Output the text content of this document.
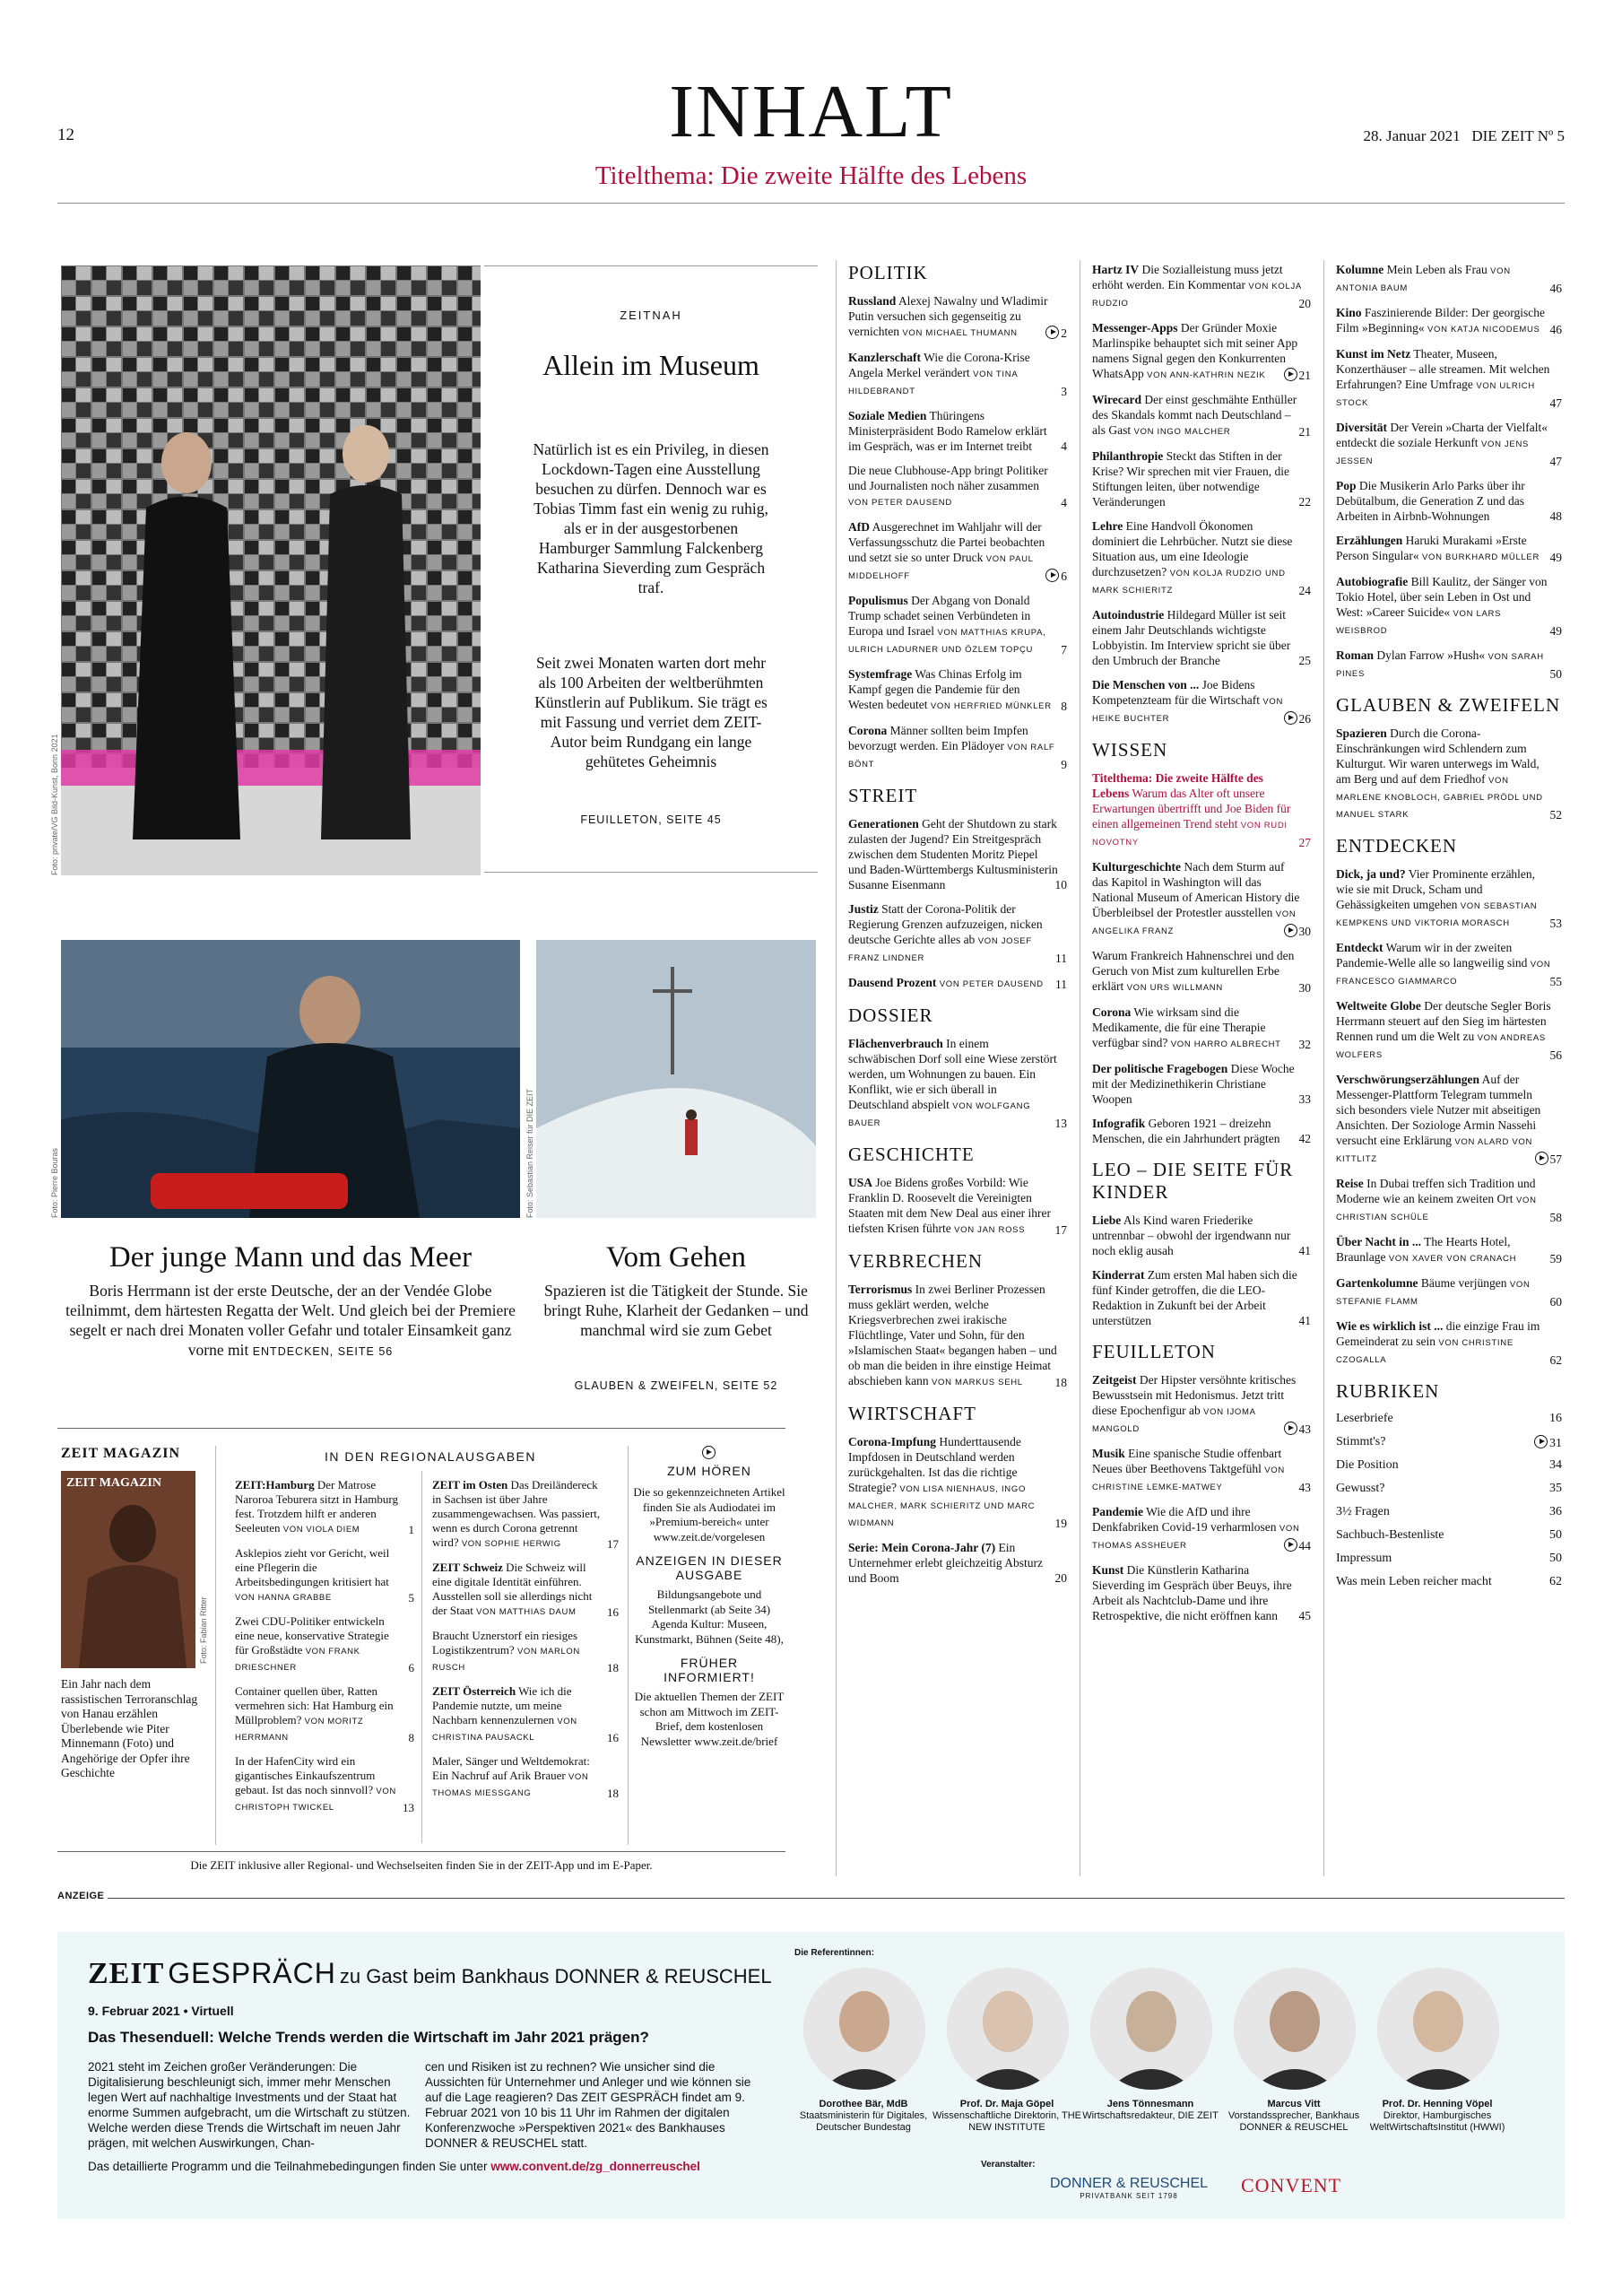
12	INHALT	28. Januar 2021   DIE ZEIT Nº 5
Titelthema: Die zweite Hälfte des Lebens
Foto: private/VG Bild-Kunst, Bonn 2021
ZEITNAH
Allein im Museum
Natürlich ist es ein Privileg, in diesen Lockdown-Tagen eine Ausstellung besuchen zu dürfen. Dennoch war es Tobias Timm fast ein wenig zu ruhig, als er in der ausgestorbenen Hamburger Sammlung Falckenberg Katharina Sieverding zum Gespräch traf.
Seit zwei Monaten warten dort mehr als 100 Arbeiten der weltberühmten Künstlerin auf Publikum. Sie trägt es mit Fassung und verriet dem ZEIT-Autor beim Rundgang ein lange gehütetes Geheimnis
FEUILLETON, SEITE 45
Foto: Pierre Bouras	Foto: Sebastian Reiser für DIE ZEIT
Der junge Mann und das Meer
Boris Herrmann ist der erste Deutsche, der an der Vendée Globe teilnimmt, dem härtesten Regatta der Welt. Und gleich bei der Premiere segelt er nach drei Monaten voller Gefahr und totaler Einsamkeit ganz vorne mit ENTDECKEN, SEITE 56
Vom Gehen
Spazieren ist die Tätigkeit der Stunde. Sie bringt Ruhe, Klarheit der Gedanken – und manchmal wird sie zum Gebet
GLAUBEN & ZWEIFELN, SEITE 52
ZEIT MAGAZIN
ZEIT MAGAZIN
Foto: Fabian Ritter
Ein Jahr nach dem rassistischen Terroranschlag von Hanau erzählen Überlebende wie Piter Minnemann (Foto) und Angehörige der Opfer ihre Geschichte
IN DEN REGIONALAUSGABEN
ZEIT:Hamburg Der Matrose Naroroa Teburera sitzt in Hamburg fest. Trotzdem hilft er anderen Seeleuten VON VIOLA DIEM	1
Asklepios zieht vor Gericht, weil eine Pflegerin die Arbeitsbedingungen kritisiert hat VON HANNA GRABBE	5
Zwei CDU-Politiker entwickeln eine neue, konservative Strategie für Großstädte VON FRANK DRIESCHNER	6
Container quellen über, Ratten vermehren sich: Hat Hamburg ein Müllproblem? VON MORITZ HERRMANN	8
In der HafenCity wird ein gigantisches Einkaufszentrum gebaut. Ist das noch sinnvoll? VON CHRISTOPH TWICKEL	13
ZEIT im Osten Das Dreiländereck in Sachsen ist über Jahre zusammengewachsen. Was passiert, wenn es durch Corona getrennt wird? VON SOPHIE HERWIG	17
ZEIT Schweiz Die Schweiz will eine digitale Identität einführen. Ausstellen soll sie allerdings nicht der Staat VON MATTHIAS DAUM	16
Braucht Uznerstorf ein riesiges Logistikzentrum? VON MARLON RUSCH	18
ZEIT Österreich Wie ich die Pandemie nutzte, um meine Nachbarn kennenzulernen VON CHRISTINA PAUSACKL	16
Maler, Sänger und Weltdemokrat: Ein Nachruf auf Arik Brauer VON THOMAS MIESSGANG	18
ZUM HÖREN
Die so gekennzeichneten Artikel finden Sie als Audiodatei im »Premium-bereich« unter www.zeit.de/vorgelesen
ANZEIGEN IN DIESER AUSGABE
Bildungsangebote und Stellenmarkt (ab Seite 34) Agenda Kultur: Museen, Kunstmarkt, Bühnen (Seite 48),
FRÜHER INFORMIERT!
Die aktuellen Themen der ZEIT schon am Mittwoch im ZEIT-Brief, dem kostenlosen Newsletter www.zeit.de/brief
Die ZEIT inklusive aller Regional- und Wechselseiten finden Sie in der ZEIT-App und im E-Paper.
POLITIK
Russland Alexej Nawalny und Wladimir Putin versuchen sich gegenseitig zu vernichten VON MICHAEL THUMANN	2
Kanzlerschaft Wie die Corona-Krise Angela Merkel verändert VON TINA HILDEBRANDT	3
Soziale Medien Thüringens Ministerpräsident Bodo Ramelow erklärt im Gespräch, was er im Internet treibt 4
Die neue Clubhouse-App bringt Politiker und Journalisten noch näher zusammen VON PETER DAUSEND	4
AfD Ausgerechnet im Wahljahr will der Verfassungsschutz die Partei beobachten und setzt sie so unter Druck VON PAUL MIDDELHOFF	6
Populismus Der Abgang von Donald Trump schadet seinen Verbündeten in Europa und Israel VON MATTHIAS KRUPA, ULRICH LADURNER UND ÖZLEM TOPÇU 7
Systemfrage Was Chinas Erfolg im Kampf gegen die Pandemie für den Westen bedeutet VON HERFRIED MÜNKLER 8
Corona Männer sollten beim Impfen bevorzugt werden. Ein Plädoyer VON RALF BÖNT	9
STREIT
Generationen Geht der Shutdown zu stark zulasten der Jugend? Ein Streitgespräch zwischen dem Studenten Moritz Piepel und Baden-Württembergs Kultusministerin Susanne Eisenmann	10
Justiz Statt der Corona-Politik der Regierung Grenzen aufzuzeigen, nicken deutsche Gerichte alles ab VON JOSEF FRANZ LINDNER	11
Dausend Prozent VON PETER DAUSEND 11
DOSSIER
Flächenverbrauch In einem schwäbischen Dorf soll eine Wiese zerstört werden, um Wohnungen zu bauen. Ein Konflikt, wie er sich überall in Deutschland abspielt VON WOLFGANG BAUER	13
GESCHICHTE
USA Joe Bidens großes Vorbild: Wie Franklin D. Roosevelt die Vereinigten Staaten mit dem New Deal aus einer ihrer tiefsten Krisen führte VON JAN ROSS 17
VERBRECHEN
Terrorismus In zwei Berliner Prozessen muss geklärt werden, welche Kriegsverbrechen zwei irakische Flüchtlinge, Vater und Sohn, für den »Islamischen Staat« begangen haben – und ob man die beiden in ihre einstige Heimat abschieben kann VON MARKUS SEHL	18
WIRTSCHAFT
Corona-Impfung Hunderttausende Impfdosen in Deutschland werden zurückgehalten. Ist das die richtige Strategie? VON LISA NIENHAUS, INGO MALCHER, MARK SCHIERITZ UND MARC WIDMANN	19
Serie: Mein Corona-Jahr (7) Ein Unternehmer erlebt gleichzeitig Absturz und Boom	20
Hartz IV Die Sozialleistung muss jetzt erhöht werden. Ein Kommentar VON KOLJA RUDZIO	20
Messenger-Apps Der Gründer Moxie Marlinspike behauptet sich mit seiner App namens Signal gegen den Konkurrenten WhatsApp VON ANN-KATHRIN NEZIK	21
Wirecard Der einst geschmähte Enthüller des Skandals kommt nach Deutschland – als Gast VON INGO MALCHER	21
Philanthropie Steckt das Stiften in der Krise? Wir sprechen mit vier Frauen, die Stiftungen leiten, über notwendige Veränderungen	22
Lehre Eine Handvoll Ökonomen dominiert die Lehrbücher. Nutzt sie diese Situation aus, um eine Ideologie durchzusetzen? VON KOLJA RUDZIO UND MARK SCHIERITZ	24
Autoindustrie Hildegard Müller ist seit einem Jahr Deutschlands wichtigste Lobbyistin. Im Interview spricht sie über den Umbruch der Branche	25
Die Menschen von ... Joe Bidens Kompetenzteam für die Wirtschaft VON HEIKE BUCHTER	26
WISSEN
Titelthema: Die zweite Hälfte des Lebens Warum das Alter oft unsere Erwartungen übertrifft und Joe Biden für einen allgemeinen Trend steht VON RUDI NOVOTNY	27
Kulturgeschichte Nach dem Sturm auf das Kapitol in Washington will das National Museum of American History die Überbleibsel der Protestler ausstellen VON ANGELIKA FRANZ	30
Warum Frankreich Hahnenschrei und den Geruch von Mist zum kulturellen Erbe erklärt VON URS WILLMANN	30
Corona Wie wirksam sind die Medikamente, die für eine Therapie verfügbar sind? VON HARRO ALBRECHT 32
Der politische Fragebogen Diese Woche mit der Medizinethikerin Christiane Woopen	33
Infografik Geboren 1921 – dreizehn Menschen, die ein Jahrhundert prägten 42
LEO – DIE SEITE FÜR KINDER
Liebe Als Kind waren Friederike untrennbar – obwohl der irgendwann nur noch eklig ausah	41
Kinderrat Zum ersten Mal haben sich die fünf Kinder getroffen, die die LEO-Redaktion in Zukunft bei der Arbeit unterstützen	41
FEUILLETON
Zeitgeist Der Hipster versöhnte kritisches Bewusstsein mit Hedonismus. Jetzt tritt diese Epochenfigur ab VON IJOMA MANGOLD	43
Musik Eine spanische Studie offenbart Neues über Beethovens Taktgefühl VON CHRISTINE LEMKE-MATWEY	43
Pandemie Wie die AfD und ihre Denkfabriken Covid-19 verharmlosen VON THOMAS ASSHEUER	44
Kunst Die Künstlerin Katharina Sieverding im Gespräch über Beuys, ihre Arbeit als Nachtclub-Dame und ihre Retrospektive, die nicht eröffnen kann 45
Kolumne Mein Leben als Frau VON ANTONIA BAUM	46
Kino Faszinierende Bilder: Der georgische Film »Beginning« VON KATJA NICODEMUS 46
Kunst im Netz Theater, Museen, Konzerthäuser – alle streamen. Mit welchen Erfahrungen? Eine Umfrage VON ULRICH STOCK	47
Diversität Der Verein »Charta der Vielfalt« entdeckt die soziale Herkunft VON JENS JESSEN	47
Pop Die Musikerin Arlo Parks über ihr Debütalbum, die Generation Z und das Arbeiten in Airbnb-Wohnungen	48
Erzählungen Haruki Murakami »Erste Person Singular« VON BURKHARD MÜLLER 49
Autobiografie Bill Kaulitz, der Sänger von Tokio Hotel, über sein Leben in Ost und West: »Career Suicide« VON LARS WEISBROD	49
Roman Dylan Farrow »Hush« VON SARAH PINES	50
GLAUBEN & ZWEIFELN
Spazieren Durch die Corona-Einschränkungen wird Schlendern zum Kulturgut. Wir waren unterwegs im Wald, am Berg und auf dem Friedhof VON MARLENE KNOBLOCH, GABRIEL PRÖDL UND MANUEL STARK	52
ENTDECKEN
Dick, ja und? Vier Prominente erzählen, wie sie mit Druck, Scham und Gehässigkeiten umgehen VON SEBASTIAN KEMPKENS UND VIKTORIA MORASCH	53
Entdeckt Warum wir in der zweiten Pandemie-Welle alle so langweilig sind VON FRANCESCO GIAMMARCO	55
Weltweite Globe Der deutsche Segler Boris Herrmann steuert auf den Sieg im härtesten Rennen rund um die Welt zu VON ANDREAS WOLFERS	56
Verschwörungserzählungen Auf der Messenger-Plattform Telegram tummeln sich besonders viele Nutzer mit abseitigen Ansichten. Der Soziologe Armin Nassehi versucht eine Erklärung VON ALARD VON KITTLITZ	57
Reise In Dubai treffen sich Tradition und Moderne wie an keinem zweiten Ort VON CHRISTIAN SCHÜLE	58
Über Nacht in ... The Hearts Hotel, Braunlage VON XAVER VON CRANACH	59
Gartenkolumne Bäume verjüngen VON STEFANIE FLAMM	60
Wie es wirklich ist ... die einzige Frau im Gemeinderat zu sein VON CHRISTINE CZOGALLA	62
RUBRIKEN
Leserbriefe	16
Stimmt's?	31
Die Position	34
Gewusst?	35
3½ Fragen	36
Sachbuch-Bestenliste	50
Impressum	50
Was mein Leben reicher macht	62
ANZEIGE
ZEIT GESPRÄCH zu Gast beim Bankhaus DONNER & REUSCHEL
9. Februar 2021 • Virtuell
Das Thesenduell: Welche Trends werden die Wirtschaft im Jahr 2021 prägen?
2021 steht im Zeichen großer Veränderungen: Die Digitalisierung beschleunigt sich, immer mehr Menschen legen Wert auf nachhaltige Investments und der Staat hat enorme Summen aufgebracht, um die Wirtschaft zu stützen. Welche werden diese Trends die Wirtschaft im neuen Jahr prägen, mit welchen Auswirkungen, Chan-
cen und Risiken ist zu rechnen? Wie unsicher sind die Aussichten für Unternehmer und Anleger und wie können sie auf die Lage reagieren? Das ZEIT GESPRÄCH findet am 9. Februar 2021 von 10 bis 11 Uhr im Rahmen der digitalen Konferenzwoche »Perspektiven 2021« des Bankhauses DONNER & REUSCHEL statt.
Das detaillierte Programm und die Teilnahmebedingungen finden Sie unter www.convent.de/zg_donnerreuschel
Die Referentinnen:
Dorothee Bär, MdB
Staatsministerin für Digitales, Deutscher Bundestag
Prof. Dr. Maja Göpel
Wissenschaftliche Direktorin, THE NEW INSTITUTE
Jens Tönnesmann
Wirtschaftsredakteur, DIE ZEIT
Marcus Vitt
Vorstandssprecher, Bankhaus DONNER & REUSCHEL
Prof. Dr. Henning Vöpel
Direktor, Hamburgisches WeltWirtschaftsInstitut (HWWI)
Veranstalter:
DONNER & REUSCHEL
PRIVATBANK SEIT 1798	CONVENT
